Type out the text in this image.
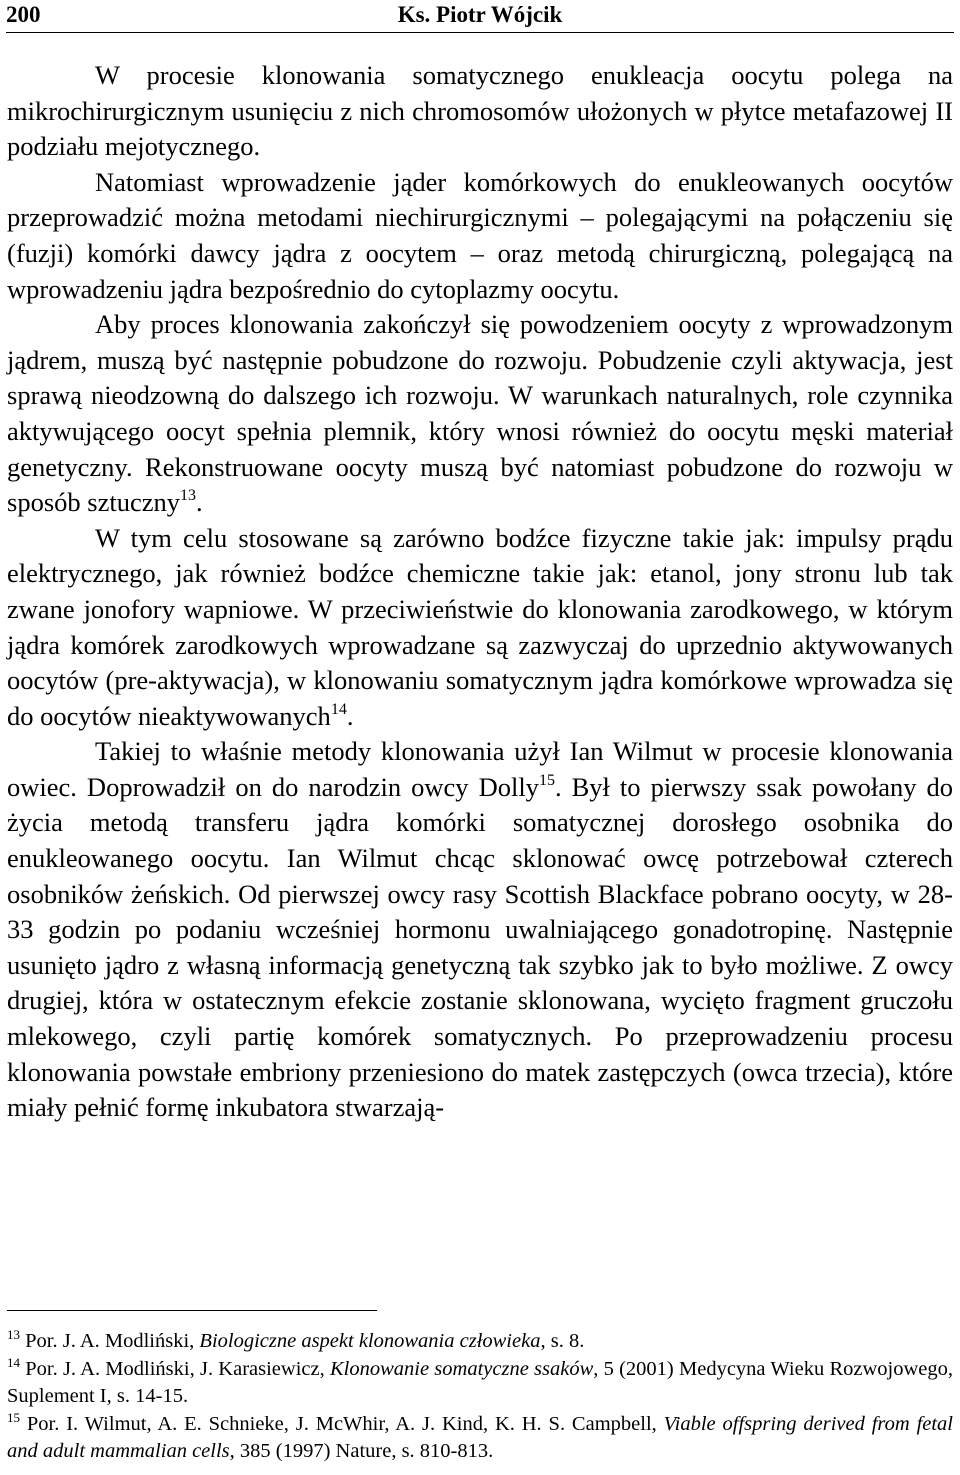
200	Ks. Piotr Wójcik

W procesie klonowania somatycznego enukleacja oocytu polega na mikrochirurgicznym usunięciu z nich chromosomów ułożonych w płytce metafazowej II podziału mejotycznego.

Natomiast wprowadzenie jąder komórkowych do enukleowanych oocytów przeprowadzić można metodami niechirurgicznymi – polegającymi na połączeniu się (fuzji) komórki dawcy jądra z oocytem – oraz metodą chirurgiczną, polegającą na wprowadzeniu jądra bezpośrednio do cytoplazmy oocytu.

Aby proces klonowania zakończył się powodzeniem oocyty z wprowadzonym jądrem, muszą być następnie pobudzone do rozwoju. Pobudzenie czyli aktywacja, jest sprawą nieodzowną do dalszego ich rozwoju. W warunkach naturalnych, role czynnika aktywującego oocyt spełnia plemnik, który wnosi również do oocytu męski materiał genetyczny. Rekonstruowane oocyty muszą być natomiast pobudzone do rozwoju w sposób sztuczny$^{13}$.

W tym celu stosowane są zarówno bodźce fizyczne takie jak: impulsy prądu elektrycznego, jak również bodźce chemiczne takie jak: etanol, jony stronu lub tak zwane jonofory wapniowe. W przeciwieństwie do klonowania zarodkowego, w którym jądra komórek zarodkowych wprowadzane są zazwyczaj do uprzednio aktywowanych oocytów (pre-aktywacja), w klonowaniu somatycznym jądra komórkowe wprowadza się do oocytów nieaktywowanych$^{14}$.

Takiej to właśnie metody klonowania użył Ian Wilmut w procesie klonowania owiec. Doprowadził on do narodzin owcy Dolly$^{15}$. Był to pierwszy ssak powołany do życia metodą transferu jądra komórki somatycznej dorosłego osobnika do enukleowanego oocytu. Ian Wilmut chcąc sklonować owcę potrzebował czterech osobników żeńskich. Od pierwszej owcy rasy Scottish Blackface pobrano oocyty, w 28-33 godzin po podaniu wcześniej hormonu uwalniającego gonadotropinę. Następnie usunięto jądro z własną informacją genetyczną tak szybko jak to było możliwe. Z owcy drugiej, która w ostatecznym efekcie zostanie sklonowana, wycięto fragment gruczołu mlekowego, czyli partię komórek somatycznych. Po przeprowadzeniu procesu klonowania powstałe embriony przeniesiono do matek zastępczych (owca trzecia), które miały pełnić formę inkubatora stwarzają-

$^{13}$ Por. J. A. Modliński, Biologiczne aspekt klonowania człowieka, s. 8.

$^{14}$ Por. J. A. Modliński, J. Karasiewicz, Klonowanie somatyczne ssaków, 5 (2001) Medycyna Wieku Rozwojowego, Suplement I, s. 14-15.

$^{15}$ Por. I. Wilmut, A. E. Schnieke, J. McWhir, A. J. Kind, K. H. S. Campbell, Viable offspring derived from fetal and adult mammalian cells, 385 (1997) Nature, s. 810-813.
